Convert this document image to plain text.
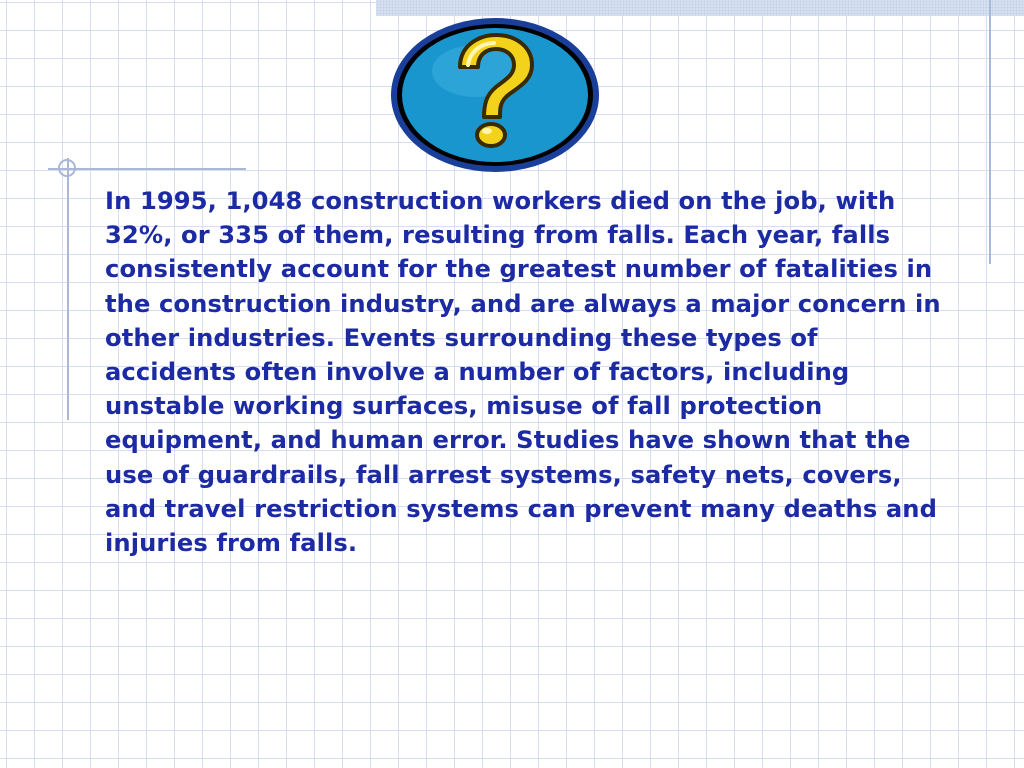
In 1995, 1,048 construction workers died on the job, with 32%, or 335 of them, resulting from falls. Each year, falls consistently account for the greatest number of fatalities in the construction industry, and are always a major concern in other industries. Events surrounding these types of accidents often involve a number of factors, including unstable working surfaces, misuse of fall protection equipment, and human error. Studies have shown that the use of guardrails, fall arrest systems, safety nets, covers, and travel restriction systems can prevent many deaths and injuries from falls.
